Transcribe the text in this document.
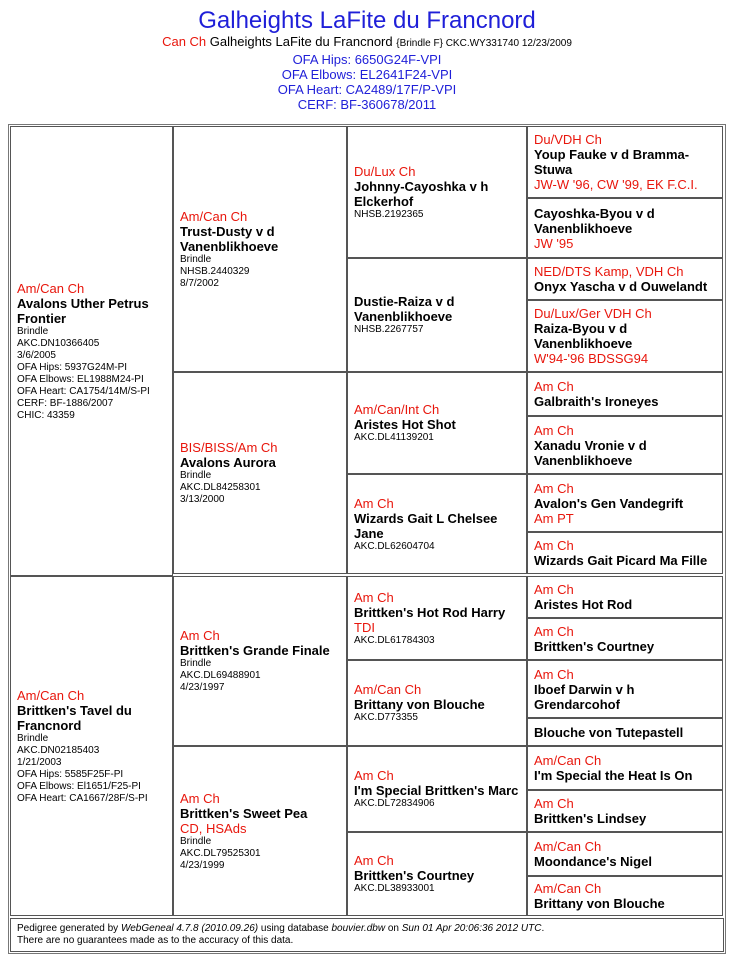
Galheights LaFite du Francnord
Can Ch Galheights LaFite du Francnord {Brindle F} CKC.WY331740 12/23/2009
OFA Hips: 6650G24F-VPI
OFA Elbows: EL2641F24-VPI
OFA Heart: CA2489/17F/P-VPI
CERF: BF-360678/2011
Am/Can Ch
Avalons Uther Petrus Frontier
Brindle
AKC.DN10366405
3/6/2005
OFA Hips: 5937G24M-PI
OFA Elbows: EL1988M24-PI
OFA Heart: CA1754/14M/S-PI
CERF: BF-1886/2007
CHIC: 43359
Am/Can Ch
Trust-Dusty v d Vanenblikhoeve
Brindle
NHSB.2440329
8/7/2002
Du/Lux Ch
Johnny-Cayoshka v h Elckerhof
NHSB.2192365
Du/VDH Ch
Youp Fauke v d Bramma-Stuwa
JW-W '96, CW '99, EK F.C.I.
Cayoshka-Byou v d Vanenblikhoeve
JW '95
Dustie-Raiza v d Vanenblikhoeve
NHSB.2267757
NED/DTS Kamp, VDH Ch
Onyx Yascha v d Ouwelandt
Du/Lux/Ger VDH Ch
Raiza-Byou v d Vanenblikhoeve
W'94-'96 BDSSG94
BIS/BISS/Am Ch
Avalons Aurora
Brindle
AKC.DL84258301
3/13/2000
Am/Can/Int Ch
Aristes Hot Shot
AKC.DL41139201
Am Ch
Galbraith's Ironeyes
Am Ch
Xanadu Vronie v d Vanenblikhoeve
Am Ch
Wizards Gait L Chelsee Jane
AKC.DL62604704
Am Ch
Avalon's Gen Vandegrift
Am PT
Am Ch
Wizards Gait Picard Ma Fille
Am/Can Ch
Brittken's Tavel du Francnord
Brindle
AKC.DN02185403
1/21/2003
OFA Hips: 5585F25F-PI
OFA Elbows: El1651/F25-PI
OFA Heart: CA1667/28F/S-PI
Am Ch
Brittken's Grande Finale
Brindle
AKC.DL69488901
4/23/1997
Am Ch
Brittken's Hot Rod Harry
TDI
AKC.DL61784303
Am Ch
Aristes Hot Rod
Am Ch
Brittken's Courtney
Am/Can Ch
Brittany von Blouche
AKC.D773355
Am Ch
Iboef Darwin v h Grendarcohof
Blouche von Tutepastell
Am Ch
Brittken's Sweet Pea
CD, HSAds
Brindle
AKC.DL79525301
4/23/1999
Am Ch
I'm Special Brittken's Marc
AKC.DL72834906
Am/Can Ch
I'm Special the Heat Is On
Am Ch
Brittken's Lindsey
Am Ch
Brittken's Courtney
AKC.DL38933001
Am/Can Ch
Moondance's Nigel
Am/Can Ch
Brittany von Blouche
Pedigree generated by WebGeneal 4.7.8 (2010.09.26) using database bouvier.dbw on Sun 01 Apr 20:06:36 2012 UTC.
There are no guarantees made as to the accuracy of this data.
